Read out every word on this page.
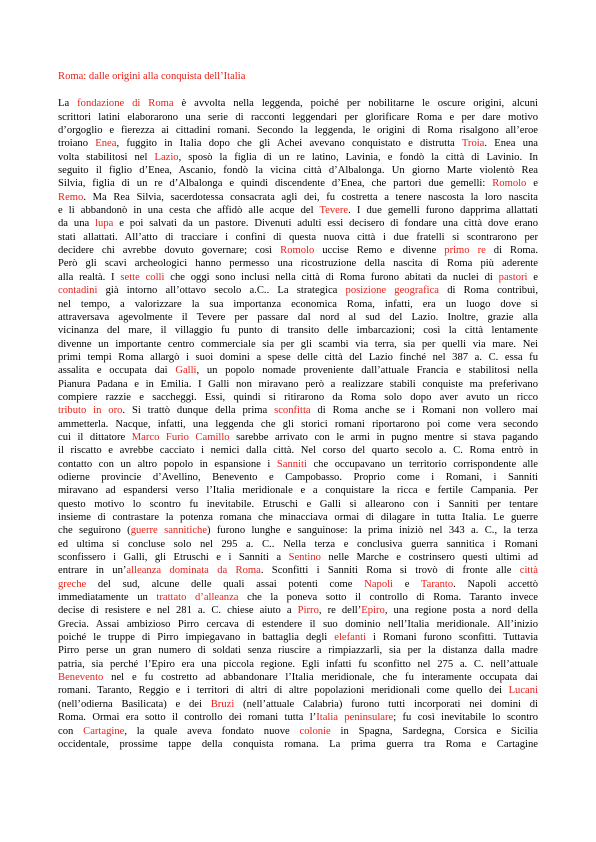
Roma: dalle origini alla conquista dell’Italia
La fondazione di Roma è avvolta nella leggenda, poiché per nobilitarne le oscure origini, alcuni
scrittori latini elaborarono una serie di racconti leggendari per glorificare Roma e per dare motivo
d’orgoglio e fierezza ai cittadini romani. Secondo la leggenda, le origini di Roma risalgono all’eroe
troiano Enea, fuggito in Italia dopo che gli Achei avevano conquistato e distrutta Troia. Enea una
volta stabilitosi nel Lazio, sposò la figlia di un re latino, Lavinia, e fondò la città di Lavinio. In
seguito il figlio d’Enea, Ascanio, fondò la vicina città d’Albalonga. Un giorno Marte violentò Rea
Silvia, figlia di un re d’Albalonga e quindi discendente d’Enea, che partorì due gemelli: Romolo e
Remo. Ma Rea Silvia, sacerdotessa consacrata agli dei, fu costretta a tenere nascosta la loro nascita
e li abbandonò in una cesta che affidò alle acque del Tevere. I due gemelli furono dapprima allattati
da una lupa e poi salvati da un pastore. Divenuti adulti essi decisero di fondare una città dove erano
stati allattati. All’atto di tracciare i confini di questa nuova città i due fratelli si scontrarono per
decidere chi avrebbe dovuto governare; così Romolo uccise Remo e divenne primo re di Roma.
Però gli scavi archeologici hanno permesso una ricostruzione della nascita di Roma più aderente
alla realtà. I sette colli che oggi sono inclusi nella città di Roma furono abitati da nuclei di pastori e
contadini già intorno all’ottavo secolo a.C.. La strategica posizione geografica di Roma contribuì,
nel tempo, a valorizzare la sua importanza economica Roma, infatti, era un luogo dove si
attraversava agevolmente il Tevere per passare dal nord al sud del Lazio. Inoltre, grazie alla
vicinanza del mare, il villaggio fu punto di transito delle imbarcazioni; così la città lentamente
divenne un importante centro commerciale sia per gli scambi via terra, sia per quelli via mare. Nei
primi tempi Roma allargò i suoi domini a spese delle città del Lazio finché nel 387 a. C. essa fu
assalita e occupata dai Galli, un popolo nomade proveniente dall’attuale Francia e stabilitosi nella
Pianura Padana e in Emilia. I Galli non miravano però a realizzare stabili conquiste ma preferivano
compiere razzie e saccheggi. Essi, quindi si ritirarono da Roma solo dopo aver avuto un ricco
tributo in oro. Si trattò dunque della prima sconfitta di Roma anche se i Romani non vollero mai
ammetterla. Nacque, infatti, una leggenda che gli storici romani riportarono poi come vera secondo
cui il dittatore Marco Furio Camillo sarebbe arrivato con le armi in pugno mentre si stava pagando
il riscatto e avrebbe cacciato i nemici dalla città. Nel corso del quarto secolo a. C. Roma entrò in
contatto con un altro popolo in espansione i Sanniti che occupavano un territorio corrispondente alle
odierne provincie d’Avellino, Benevento e Campobasso. Proprio come i Romani, i Sanniti
miravano ad espandersi verso l’Italia meridionale e a conquistare la ricca e fertile Campania. Per
questo motivo lo scontro fu inevitabile. Etruschi e Galli si allearono con i Sanniti per tentare
insieme di contrastare la potenza romana che minacciava ormai di dilagare in tutta Italia. Le guerre
che seguirono (guerre sannitiche) furono lunghe e sanguinose: la prima iniziò nel 343 a. C., la terza
ed ultima si concluse solo nel 295 a. C.. Nella terza e conclusiva guerra sannitica i Romani
sconfissero i Galli, gli Etruschi e i Sanniti a Sentino nelle Marche e costrinsero questi ultimi ad
entrare in un’alleanza dominata da Roma. Sconfitti i Sanniti Roma si trovò di fronte alle città
greche del sud, alcune delle quali assai potenti come Napoli e Taranto. Napoli accettò
immediatamente un trattato d’alleanza che la poneva sotto il controllo di Roma. Taranto invece
decise di resistere e nel 281 a. C. chiese aiuto a Pirro, re dell’Epiro, una regione posta a nord della
Grecia. Assai ambizioso Pirro cercava di estendere il suo dominio nell’Italia meridionale. All’inizio
poiché le truppe di Pirro impiegavano in battaglia degli elefanti i Romani furono sconfitti. Tuttavia
Pirro perse un gran numero di soldati senza riuscire a rimpiazzarli, sia per la distanza dalla madre
patria, sia perché l’Epiro era una piccola regione. Egli infatti fu sconfitto nel 275 a. C. nell’attuale
Benevento nel e fu costretto ad abbandonare l’Italia meridionale, che fu interamente occupata dai
romani. Taranto, Reggio e i territori di altri di altre popolazioni meridionali come quello dei Lucani
(nell’odierna Basilicata) e dei Bruzi (nell’attuale Calabria) furono tutti incorporati nei domini di
Roma. Ormai era sotto il controllo dei romani tutta l’Italia peninsulare; fu così inevitabile lo scontro
con Cartagine, la quale aveva fondato nuove colonie in Spagna, Sardegna, Corsica e Sicilia
occidentale, prossime tappe della conquista romana. La prima guerra tra Roma e Cartagine
